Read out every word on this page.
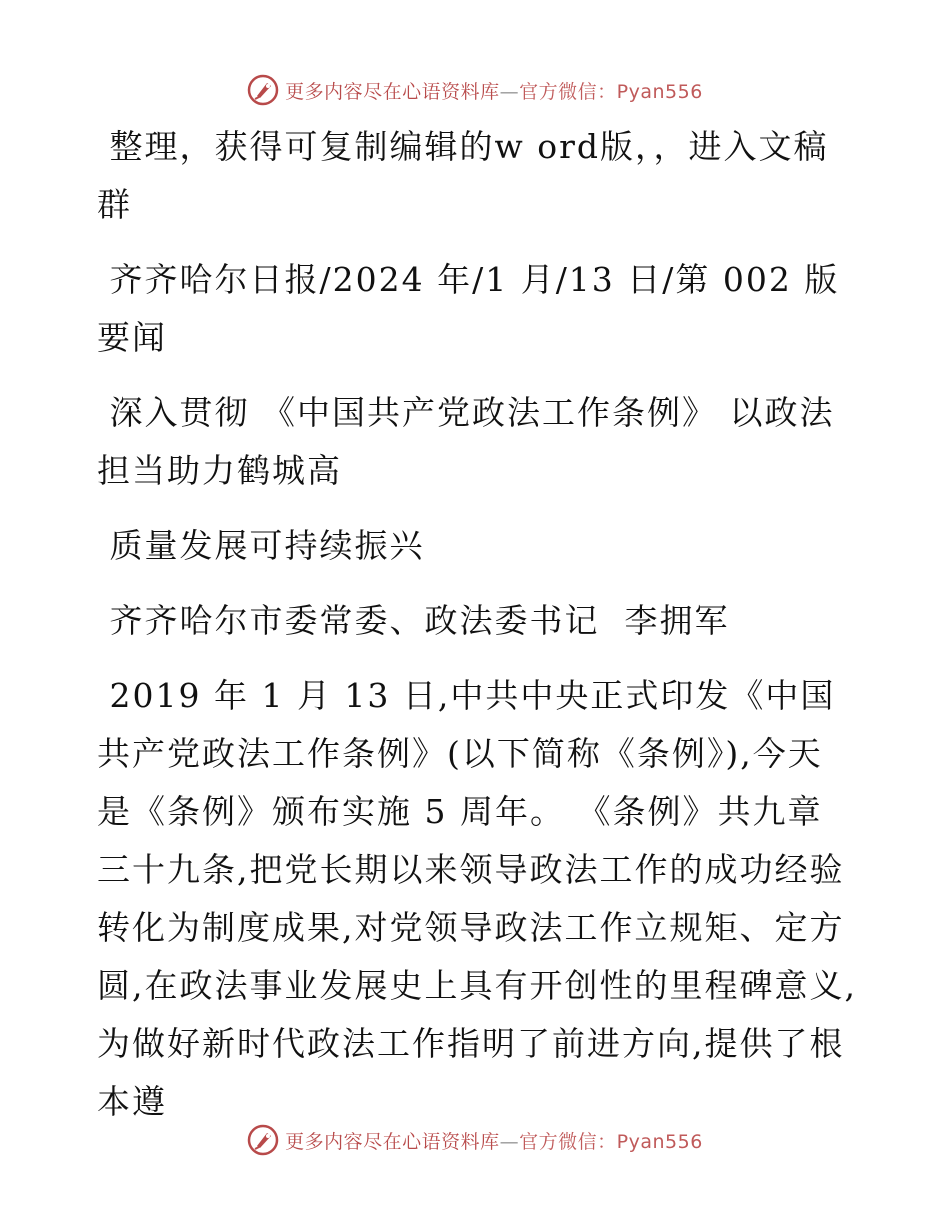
更多内容尽在心语资料库—官方微信：Pyan556

整理，获得可复制编辑的w ord版，，进入文稿群

齐齐哈尔日报/2024 年/1 月/13 日/第 002 版要闻

深入贯彻 《中国共产党政法工作条例》 以政法担当助力鹤城高

质量发展可持续振兴

齐齐哈尔市委常委、政法委书记  李拥军

2019 年 1 月 13 日,中共中央正式印发《中国共产党政法工作条例》(以下简称《条例》),今天是《条例》颁布实施 5 周年。 《条例》共九章三十九条,把党长期以来领导政法工作的成功经验转化为制度成果,对党领导政法工作立规矩、定方圆,在政法事业发展史上具有开创性的里程碑意义,为做好新时代政法工作指明了前进方向,提供了根本遵

更多内容尽在心语资料库—官方微信：Pyan556
